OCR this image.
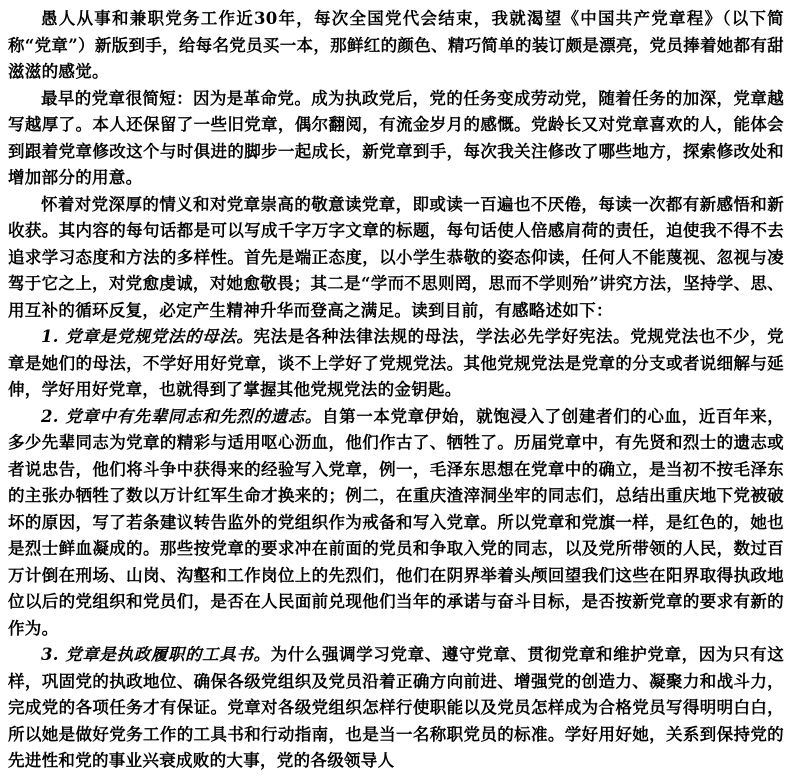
愚人从事和兼职党务工作近30年，每次全国党代会结束，我就渴望《中国共产党章程》（以下简称“党章”）新版到手，给每名党员买一本，那鲜红的颜色、精巧简单的装订颇是漂亮，党员捧着她都有甜滋滋的感觉。

最早的党章很简短：因为是革命党。成为执政党后，党的任务变成劳动党，随着任务的加深，党章越写越厚了。本人还保留了一些旧党章，偶尔翻阅，有流金岁月的感慨。党龄长又对党章喜欢的人，能体会到跟着党章修改这个与时俱进的脚步一起成长，新党章到手，每次我关注修改了哪些地方，探索修改处和增加部分的用意。

怀着对党深厚的情义和对党章崇高的敬意读党章，即或读一百遍也不厌倦，每读一次都有新感悟和新收获。其内容的每句话都是可以写成千字万字文章的标题，每句话使人倍感肩荷的责任，迫使我不得不去追求学习态度和方法的多样性。首先是端正态度，以小学生恭敬的姿态仰读，任何人不能蔑视、忽视与凌驾于它之上，对党愈虔诚，对她愈敬畏；其二是“学而不思则罔，思而不学则殆”讲究方法，坚持学、思、用互补的循环反复，必定产生精神升华而登高之满足。读到目前，有感略述如下：

1. 党章是党规党法的母法。宪法是各种法律法规的母法，学法必先学好宪法。党规党法也不少，党章是她们的母法，不学好用好党章，谈不上学好了党规党法。其他党规党法是党章的分支或者说细解与延伸，学好用好党章，也就得到了掌握其他党规党法的金钥匙。

2. 党章中有先辈同志和先烈的遗志。自第一本党章伊始，就饱浸入了创建者们的心血，近百年来，多少先辈同志为党章的精彩与适用呕心沥血，他们作古了、牺牲了。历届党章中，有先贤和烈士的遗志或者说忠告，他们将斗争中获得来的经验写入党章，例一，毛泽东思想在党章中的确立，是当初不按毛泽东的主张办牺牲了数以万计红军生命才换来的；例二，在重庆渣滓洞坐牢的同志们，总结出重庆地下党被破坏的原因，写了若条建议转告监外的党组织作为戒备和写入党章。所以党章和党旗一样，是红色的，她也是烈士鲜血凝成的。那些按党章的要求冲在前面的党员和争取入党的同志，以及党所带领的人民，数过百万计倒在刑场、山岗、沟壑和工作岗位上的先烈们，他们在阴界举着头颅回望我们这些在阳界取得执政地位以后的党组织和党员们，是否在人民面前兑现他们当年的承诺与奋斗目标，是否按新党章的要求有新的作为。

3. 党章是执政履职的工具书。为什么强调学习党章、遵守党章、贯彻党章和维护党章，因为只有这样，巩固党的执政地位、确保各级党组织及党员沿着正确方向前进、增强党的创造力、凝聚力和战斗力，完成党的各项任务才有保证。党章对各级党组织怎样行使职能以及党员怎样成为合格党员写得明明白白，所以她是做好党务工作的工具书和行动指南，也是当一名称职党员的标准。学好用好她，关系到保持党的先进性和党的事业兴衰成败的大事，党的各级领导人
